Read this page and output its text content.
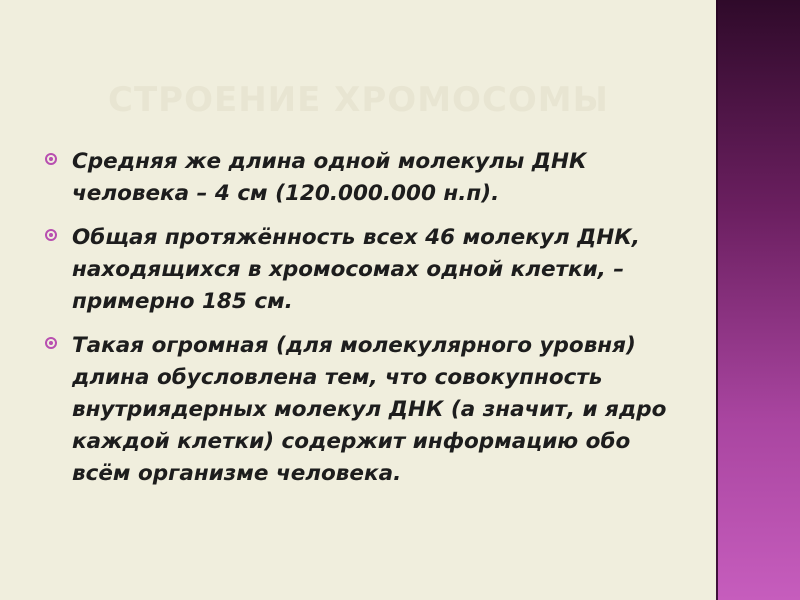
СТРОЕНИЕ ХРОМОСОМЫ
Средняя же длина одной молекулы ДНК человека – 4 см (120.000.000 н.п).
Общая протяжённость всех 46 молекул ДНК, находящихся в хромосомах одной клетки, – примерно 185 см.
Такая огромная (для молекулярного уровня) длина обусловлена тем, что совокупность внутриядерных молекул ДНК (а значит, и ядро каждой клетки) содержит информацию обо всём организме человека.
